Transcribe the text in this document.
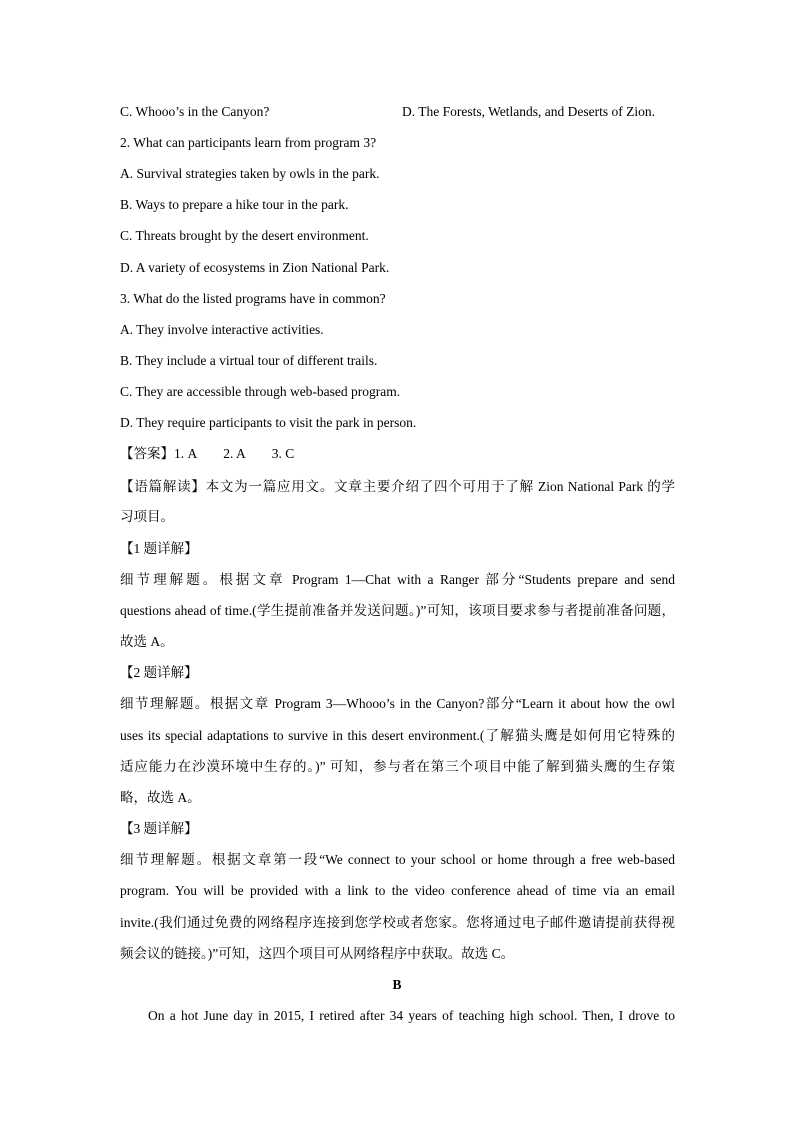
C. Whooo’s in the Canyon?	D. The Forests, Wetlands, and Deserts of Zion.
2. What can participants learn from program 3?
A. Survival strategies taken by owls in the park.
B. Ways to prepare a hike tour in the park.
C. Threats brought by the desert environment.
D. A variety of ecosystems in Zion National Park.
3. What do the listed programs have in common?
A. They involve interactive activities.
B. They include a virtual tour of different trails.
C. They are accessible through web-based program.
D. They require participants to visit the park in person.
【答案】1. A 2. A 3. C
【语篇解读】本文为一篇应用文。文章主要介绍了四个可用于了解 Zion National Park 的学
习项目。
【1 题详解】
细节理解题。根据文章 Program 1—Chat with a Ranger 部分“Students prepare and send
questions ahead of time.(学生提前准备并发送问题。)”可知，该项目要求参与者提前准备问题，
故选 A。
【2 题详解】
细节理解题。根据文章 Program 3—Whooo’s in the Canyon?部分“Learn it about how the owl
uses its special adaptations to survive in this desert environment.(了解猫头鹰是如何用它特殊的
适应能力在沙漠环境中生存的。)” 可知，参与者在第三个项目中能了解到猫头鹰的生存策
略，故选 A。
【3 题详解】
细节理解题。根据文章第一段“We connect to your school or home through a free web-based
program. You will be provided with a link to the video conference ahead of time via an email
invite.(我们通过免费的网络程序连接到您学校或者您家。您将通过电子邮件邀请提前获得视
频会议的链接。)”可知，这四个项目可从网络程序中获取。故选 C。
B
On a hot June day in 2015, I retired after 34 years of teaching high school. Then, I drove to
